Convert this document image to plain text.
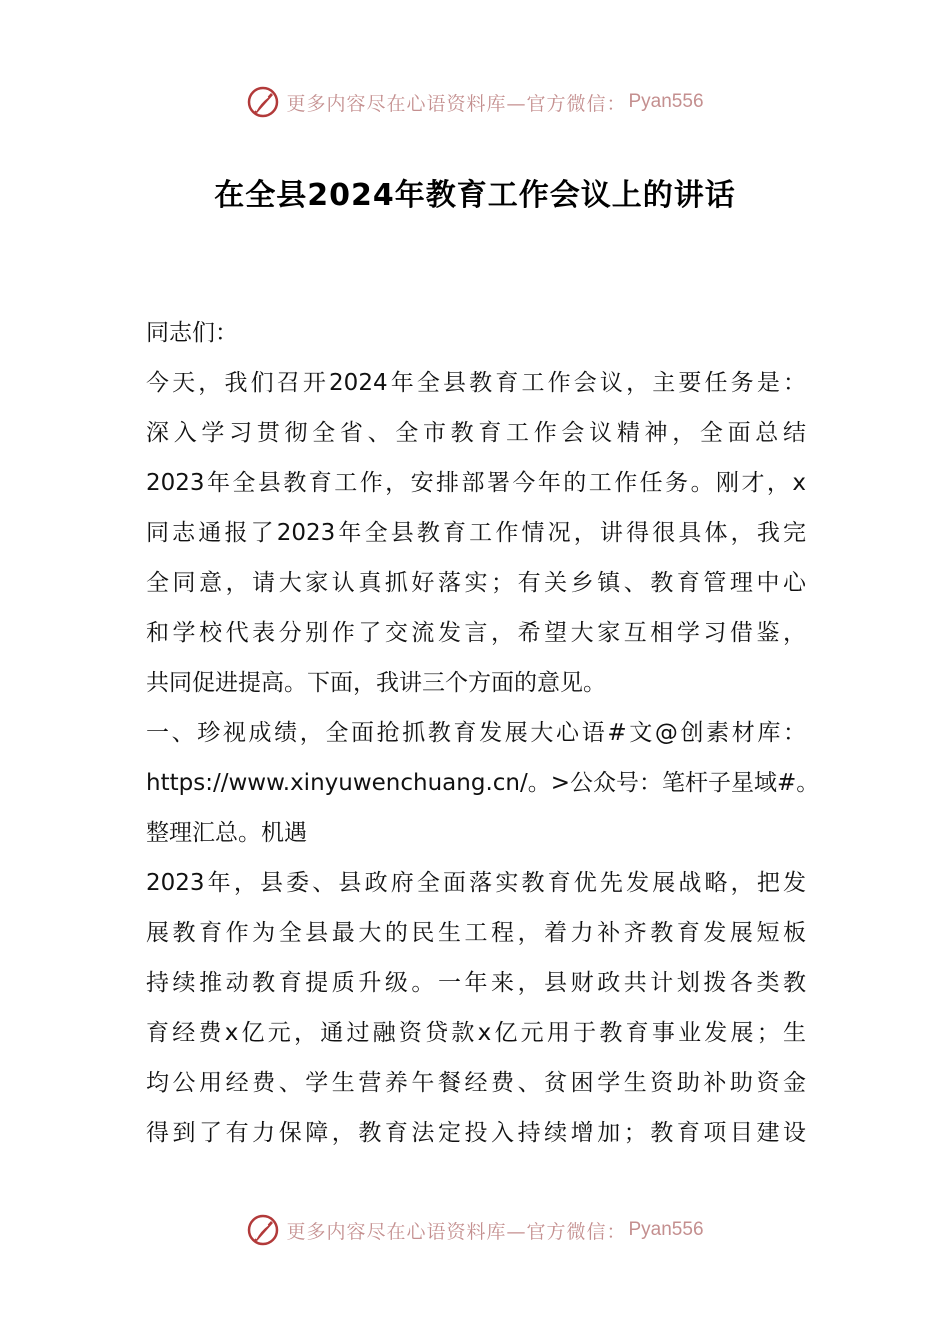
更多内容尽在心语资料库—官方微信： Pyan556
在全县2024年教育工作会议上的讲话
同志们：
今天，我们召开2024年全县教育工作会议，主要任务是：
深入学习贯彻全省、全市教育工作会议精神，全面总结
2023年全县教育工作，安排部署今年的工作任务。刚才，x
同志通报了2023年全县教育工作情况，讲得很具体，我完
全同意，请大家认真抓好落实；有关乡镇、教育管理中心
和学校代表分别作了交流发言，希望大家互相学习借鉴，
共同促进提高。下面，我讲三个方面的意见。
一、珍视成绩，全面抢抓教育发展大心语#文@创素材库：
https://www.xinyuwenchuang.cn/。>公众号：笔杆子星域#。
整理汇总。机遇
2023年，县委、县政府全面落实教育优先发展战略，把发
展教育作为全县最大的民生工程，着力补齐教育发展短板
持续推动教育提质升级。一年来，县财政共计划拨各类教
育经费x亿元，通过融资贷款x亿元用于教育事业发展；生
均公用经费、学生营养午餐经费、贫困学生资助补助资金
得到了有力保障，教育法定投入持续增加；教育项目建设
更多内容尽在心语资料库—官方微信： Pyan556
